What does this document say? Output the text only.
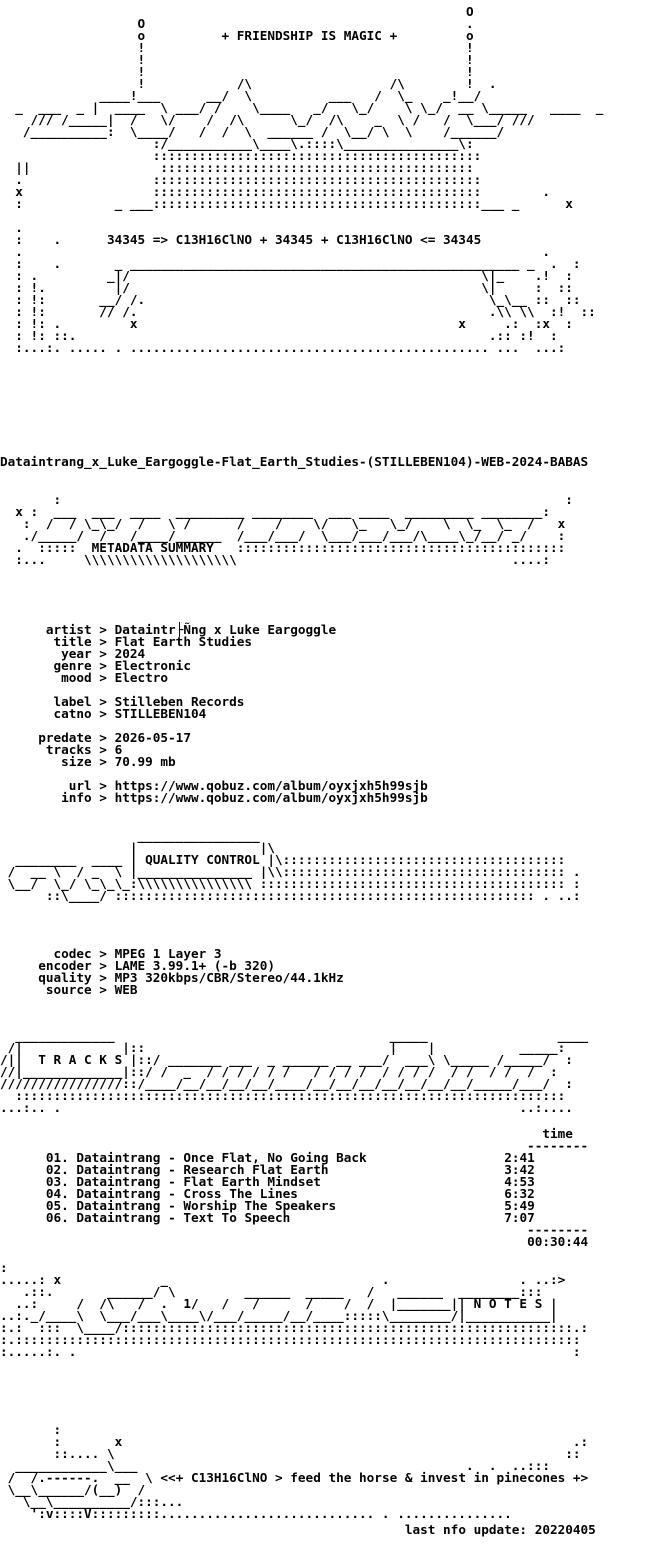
O
O                                          .
o          + FRIENDSHIP IS MAGIC +         o
!                                          !
!                                          !
!                                          !
!            /\                  /\        !  .
____!___      __/  \          ___   /  \_    _!__/
_  ___  _ |  ____  \ ___/ /    \____   _/   \_/    \ \_/  __ \_____   ____  _
/// /_____|  /   \/    /  /\      \_/  /\    _  \ /   /  \___/ ///
/__________:  \____/   /  /  \  ______ /  \__/ \  \    /______/
:/___________\____\.::::\_______________\:
:::::::::::::::::::::::::::::::::::::::::::
||                 :::::::::::::::::::::::::::::::::::::::::
.                 :::::::::::::::::::::::::::::::::::::::::::
x                 :::::::::::::::::::::::::::::::::::::::::::        .
:            _ ___:::::::::::::::::::::::::::::::::::::::::::___ _      x

.
:    .      34345 => C13H16ClNO + 34345 + C13H16ClNO <= 34345
.                                                                    .
:    .       _ ___________________________________________________ _  .  :
: .         _|/                                              \|_    .!  :
: !.         |/                                              \|     :  ::
: !:       __/ /.                                             \_\__ ::  ::
: !:       // /.                                              .\\ \\  :!  ::
: !: .         x                                          x     .:  :x  :
: !: ::.                                                      .:: :!  :
:...:. ..... . ............................................... ...  ...:
Dataintrang_x_Luke_Eargoggle-Flat_Earth_Studies-(STILLEBEN104)-WEB-2024-BABAS
:                                                                  :
x :  ___  ___  ____  _________ ________  ___ ____  _________ ________:
:  /  / \_\_/  /   \ /      /    /    \/   \_   \_/    \  \_  \_  /   x
./_____/  /   /____/______  /___/___/  \___/___/___/\____\_/__/ _/    :
.  :::::  METADATA SUMMARY   :::::::::::::::::::::::::::::::::::::::::::
:...     \\\\\\\\\\\\\\\\\\\\                                    ....:
artist > Dataintr├Ñng x Luke Eargoggle
title > Flat Earth Studies
year > 2024
genre > Electronic
mood > Electro

label > Stilleben Records
catno > STILLEBEN104

predate > 2026-05-17
tracks > 6
size > 70.99 mb

url > https://www.qobuz.com/album/oyxjxh5h99sjb
info > https://www.qobuz.com/album/oyxjxh5h99sjb
________________
|                |\
________  ____ | QUALITY CONTROL |\:::::::::::::::::::::::::::::::::::::
/  __ \  / _  \ |_______________ |\\::::::::::::::::::::::::::::::::::::: .
\__/  \_/ \_\_\_:\\\\\\\\\\\\\\\ :::::::::::::::::::::::::::::::::::::::: :
::\____/ ::::::::::::::::::::::::::::::::::::::::::::::::::::::: . ..:
codec > MPEG 1 Layer 3
encoder > LAME 3.99.1+ (-b 320)
quality > MP3 320kbps/CBR/Stereo/44.1kHz
source > WEB
_____________                                    _____                 ____
/|             |::                                |    |           _____:
/||  T R A C K S |::/ _______ ___  _ ______ __ ___/  ___\ \_____ /_____/  :
//|_____________|::/ /  _  / / / / / /   / / / /  / / / /  / /  / /  /  :
////////////////::/____/__/__/__/__/____/__/__/__/__/__/__/__/_____/___/  :
::::::::::::::::::::::::::::::::::::::::::::::::::::::::::::::::::::::::
...:.. .                                                            ..:....
time
--------
01. Dataintrang - Once Flat, No Going Back	2:41
02. Dataintrang - Research Flat Earth	3:42
03. Dataintrang - Flat Earth Mindset	4:53
04. Dataintrang - Cross The Lines	6:32
05. Dataintrang - Worship The Speakers	5:49
06. Dataintrang - Text To Speech	7:07
--------
00:30:44
:
.....: x             _                            .                 . ..:>
.::.       ______/ \         ______  _____   /   ______  ________:::
..:     /  /\   /  .  1/   /   /      /    /  /  |_______|| N O T E S |
..:._/____\  \___/___\____\/___/_____/__/____:::::\________/|___________|
:.:  :::  \____/:::::::::::::::::::::::::::::::::::::::::::::::::::::::::::.:
:.::::::::::::::::::::::::::::::::::::::::::::::::::::::::::::::::::::::::::
:.....:. .                                                                 :
:
:       x                                                           .:
::.... \                                                           ::
____________\___                                           .  .  ..:::
/  /.------.  __  \ <<+ C13H16ClNO > feed the horse & invest in pinecones +>
\__\______/(__)  /
\__\__________/:::...
':v::::V:::::::::............................ . ...............
last nfo update: 20220405
